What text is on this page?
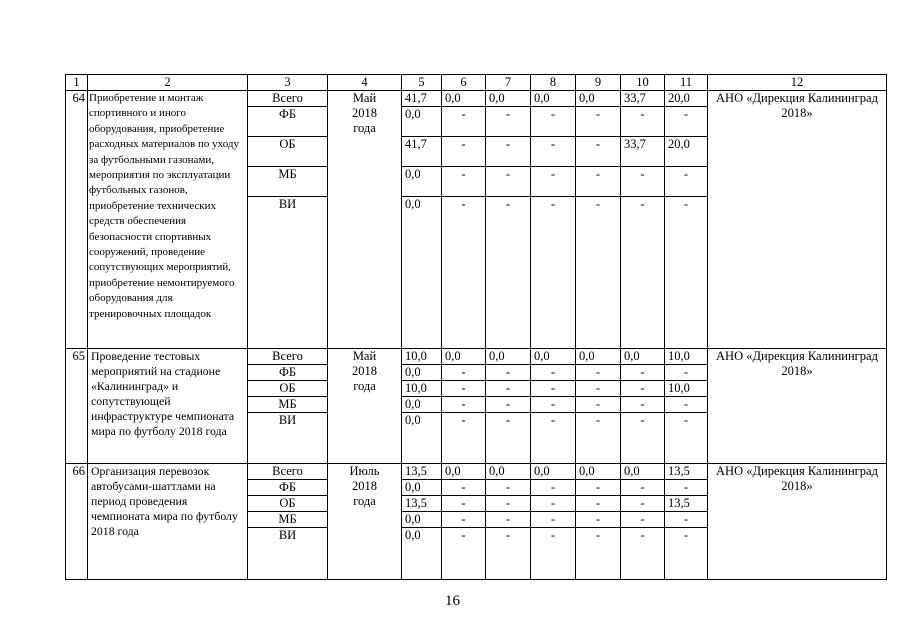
1	2	3	4	5	6	7	8	9	10	11	12
64	Приобретение и монтаж спортивного и иного оборудования, приобретение расходных материалов по уходу за футбольными газонами, мероприятия по эксплуатации футбольных газонов, приобретение технических средств обеспечения безопасности спортивных сооружений, проведение сопутствующих мероприятий, приобретение немонтируемого оборудования для тренировочных площадок	Всего	Май 2018 года	41,7	0,0	0,0	0,0	0,0	33,7	20,0	АНО «Дирекция Калининград 2018»
		ФБ		0,0	-	-	-	-	-	-	
		ОБ		41,7	-	-	-	-	33,7	20,0	
		МБ		0,0	-	-	-	-	-	-	
		ВИ		0,0	-	-	-	-	-	-	
65	Проведение тестовых мероприятий на стадионе «Калининград» и сопутствующей инфраструктуре чемпионата мира по футболу 2018 года	Всего	Май 2018 года	10,0	0,0	0,0	0,0	0,0	0,0	10,0	АНО «Дирекция Калининград 2018»
		ФБ		0,0	-	-	-	-	-	-	
		ОБ		10,0	-	-	-	-	-	10,0	
		МБ		0,0	-	-	-	-	-	-	
		ВИ		0,0	-	-	-	-	-	-	
66	Организация перевозок автобусами-шаттлами на период проведения чемпионата мира по футболу 2018 года	Всего	Июль 2018 года	13,5	0,0	0,0	0,0	0,0	0,0	13,5	АНО «Дирекция Калининград 2018»
		ФБ		0,0	-	-	-	-	-	-	
		ОБ		13,5	-	-	-	-	-	13,5	
		МБ		0,0	-	-	-	-	-	-	
		ВИ		0,0	-	-	-	-	-	-	
16
